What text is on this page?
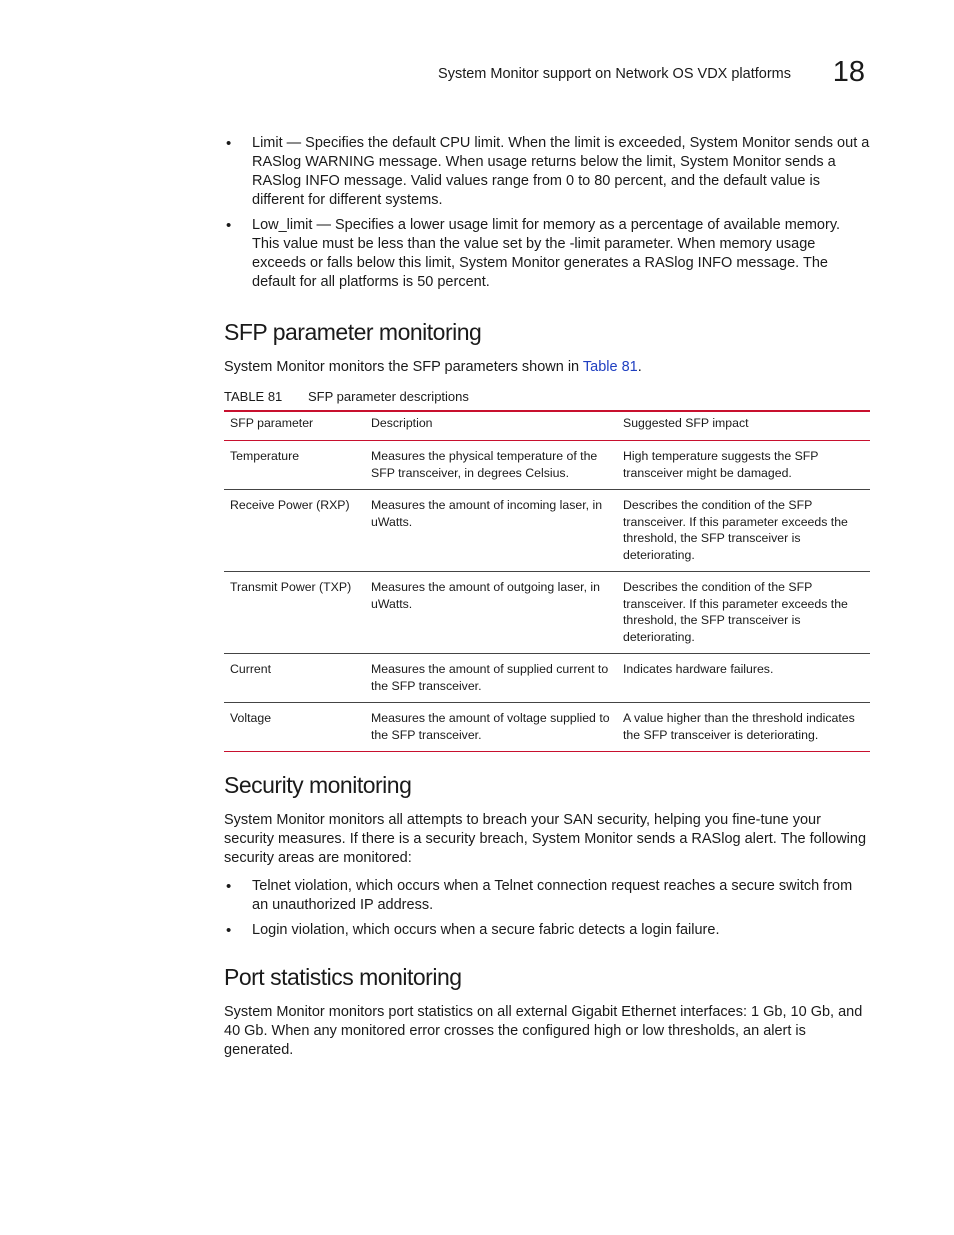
System Monitor support on Network OS VDX platforms 18
• Limit — Specifies the default CPU limit. When the limit is exceeded, System Monitor sends out a RASlog WARNING message. When usage returns below the limit, System Monitor sends a RASlog INFO message. Valid values range from 0 to 80 percent, and the default value is different for different systems.
• Low_limit — Specifies a lower usage limit for memory as a percentage of available memory. This value must be less than the value set by the -limit parameter. When memory usage exceeds or falls below this limit, System Monitor generates a RASlog INFO message. The default for all platforms is 50 percent.
SFP parameter monitoring

System Monitor monitors the SFP parameters shown in Table 81.

TABLE 81 SFP parameter descriptions
SFP parameter	Description	Suggested SFP impact
Temperature	Measures the physical temperature of the SFP transceiver, in degrees Celsius.	High temperature suggests the SFP transceiver might be damaged.
Receive Power (RXP)	Measures the amount of incoming laser, in uWatts.	Describes the condition of the SFP transceiver. If this parameter exceeds the threshold, the SFP transceiver is deteriorating.
Transmit Power (TXP)	Measures the amount of outgoing laser, in uWatts.	Describes the condition of the SFP transceiver. If this parameter exceeds the threshold, the SFP transceiver is deteriorating.
Current	Measures the amount of supplied current to the SFP transceiver.	Indicates hardware failures.
Voltage	Measures the amount of voltage supplied to the SFP transceiver.	A value higher than the threshold indicates the SFP transceiver is deteriorating.
Security monitoring

System Monitor monitors all attempts to breach your SAN security, helping you fine-tune your security measures. If there is a security breach, System Monitor sends a RASlog alert. The following security areas are monitored:

• Telnet violation, which occurs when a Telnet connection request reaches a secure switch from an unauthorized IP address.
• Login violation, which occurs when a secure fabric detects a login failure.
Port statistics monitoring

System Monitor monitors port statistics on all external Gigabit Ethernet interfaces: 1 Gb, 10 Gb, and 40 Gb. When any monitored error crosses the configured high or low thresholds, an alert is generated.
